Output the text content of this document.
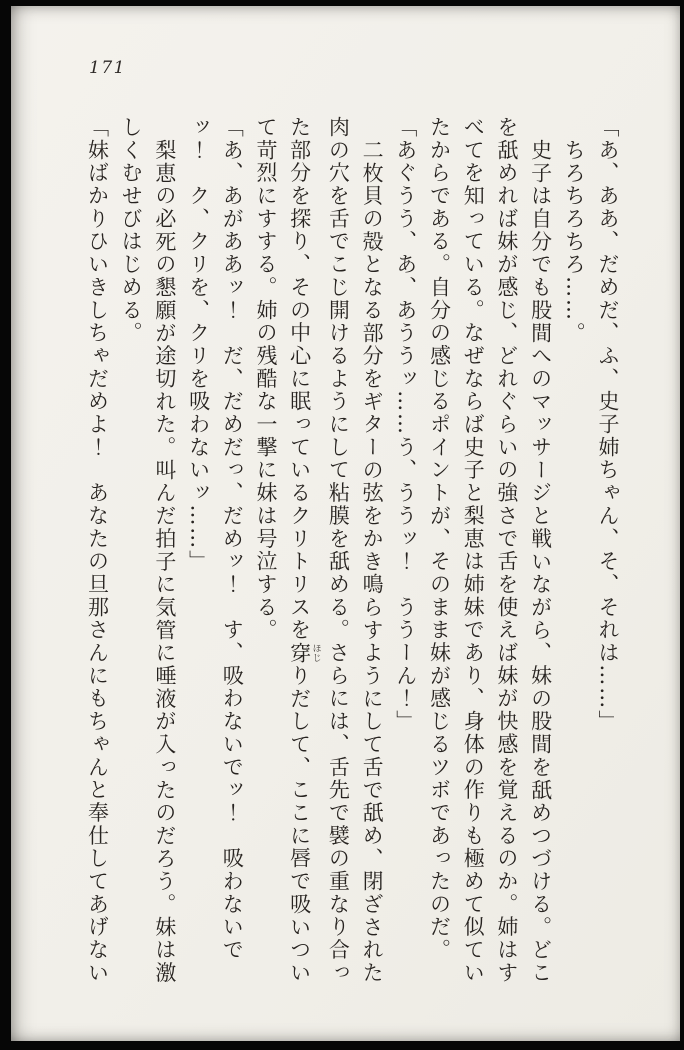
171

「あ、ああ、だめだ、ふ、史子姉ちゃん、そ、それは……」

ちろちろちろ……。

史子は自分でも股間へのマッサージと戦いながら、妹の股間を舐めつづける。どこ

を舐めれば妹が感じ、どれぐらいの強さで舌を使えば妹が快感を覚えるのか。姉はす

べてを知っている。なぜならば史子と梨恵は姉妹であり、身体の作りも極めて似てい

たからである。自分の感じるポイントが、そのまま妹が感じるツボであったのだ。

「あぐうう、あ、あううッ……う、ううッ！　ううーん！」

二枚貝の殻となる部分をギターの弦をかき鳴らすようにして舌で舐め、閉ざされた

肉の穴を舌でこじ開けるようにして粘膜を舐める。さらには、舌先で襞の重なり合っ

た部分を探り、その中心に眠っているクリトリスを穿 ほじりだして、ここに唇で吸いつい

て苛烈にすする。姉の残酷な一撃に妹は号泣する。

「あ、あがああッ！　だ、だめだっ、だめッ！　す、吸わないでッ！　吸わないで

ッ！　ク、クリを、クリを吸わないッ……」

梨恵の必死の懇願が途切れた。叫んだ拍子に気管に唾液が入ったのだろう。妹は激

しくむせびはじめる。

「妹ばかりひいきしちゃだめよ！　あなたの旦那さんにもちゃんと奉仕してあげない
